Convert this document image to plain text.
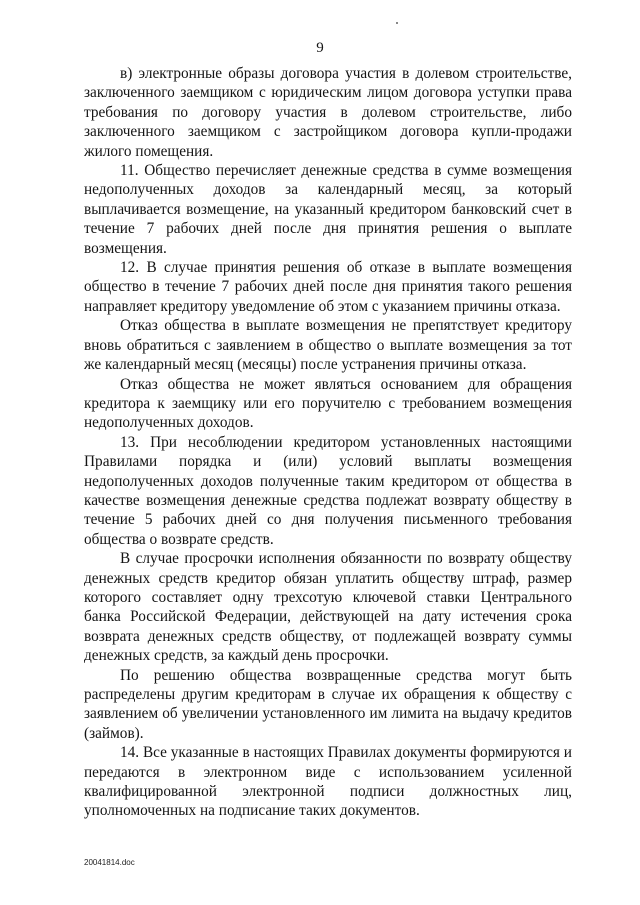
9

в) электронные образы договора участия в долевом строительстве, заключенного заемщиком с юридическим лицом договора уступки права требования по договору участия в долевом строительстве, либо заключенного заемщиком с застройщиком договора купли-продажи жилого помещения.

11. Общество перечисляет денежные средства в сумме возмещения недополученных доходов за календарный месяц, за который выплачивается возмещение, на указанный кредитором банковский счет в течение 7 рабочих дней после дня принятия решения о выплате возмещения.

12. В случае принятия решения об отказе в выплате возмещения общество в течение 7 рабочих дней после дня принятия такого решения направляет кредитору уведомление об этом с указанием причины отказа.

Отказ общества в выплате возмещения не препятствует кредитору вновь обратиться с заявлением в общество о выплате возмещения за тот же календарный месяц (месяцы) после устранения причины отказа.

Отказ общества не может являться основанием для обращения кредитора к заемщику или его поручителю с требованием возмещения недополученных доходов.

13. При несоблюдении кредитором установленных настоящими Правилами порядка и (или) условий выплаты возмещения недополученных доходов полученные таким кредитором от общества в качестве возмещения денежные средства подлежат возврату обществу в течение 5 рабочих дней со дня получения письменного требования общества о возврате средств.

В случае просрочки исполнения обязанности по возврату обществу денежных средств кредитор обязан уплатить обществу штраф, размер которого составляет одну трехсотую ключевой ставки Центрального банка Российской Федерации, действующей на дату истечения срока возврата денежных средств обществу, от подлежащей возврату суммы денежных средств, за каждый день просрочки.

По решению общества возвращенные средства могут быть распределены другим кредиторам в случае их обращения к обществу с заявлением об увеличении установленного им лимита на выдачу кредитов (займов).

14. Все указанные в настоящих Правилах документы формируются и передаются в электронном виде с использованием усиленной квалифицированной электронной подписи должностных лиц, уполномоченных на подписание таких документов.

20041814.doc
